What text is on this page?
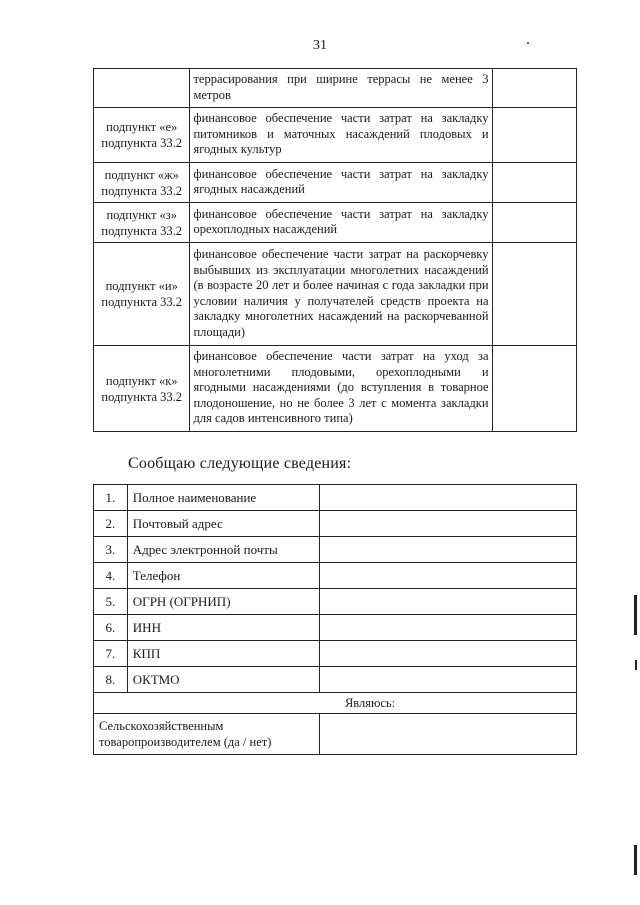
31
	террасирования при ширине террасы не менее 3 метров	
подпункт «е» подпункта 33.2	финансовое обеспечение части затрат на закладку питомников и маточных насаждений плодовых и ягодных культур	
подпункт «ж» подпункта 33.2	финансовое обеспечение части затрат на закладку ягодных насаждений	
подпункт «з» подпункта 33.2	финансовое обеспечение части затрат на закладку орехоплодных насаждений	
подпункт «и» подпункта 33.2	финансовое обеспечение части затрат на раскорчевку выбывших из эксплуатации многолетних насаждений (в возрасте 20 лет и более начиная с года закладки при условии наличия у получателей средств проекта на закладку многолетних насаждений на раскорчеванной площади)	
подпункт «к» подпункта 33.2	финансовое обеспечение части затрат на уход за многолетними плодовыми, орехоплодными и ягодными насаждениями (до вступления в товарное плодоношение, но не более 3 лет с момента закладки для садов интенсивного типа)	
Сообщаю следующие сведения:
1.	Полное наименование	
2.	Почтовый адрес	
3.	Адрес электронной почты	
4.	Телефон	
5.	ОГРН (ОГРНИП)	
6.	ИНН	
7.	КПП	
8.	ОКТМО	
Являюсь:		
Сельскохозяйственным товаропроизводителем (да / нет)		
